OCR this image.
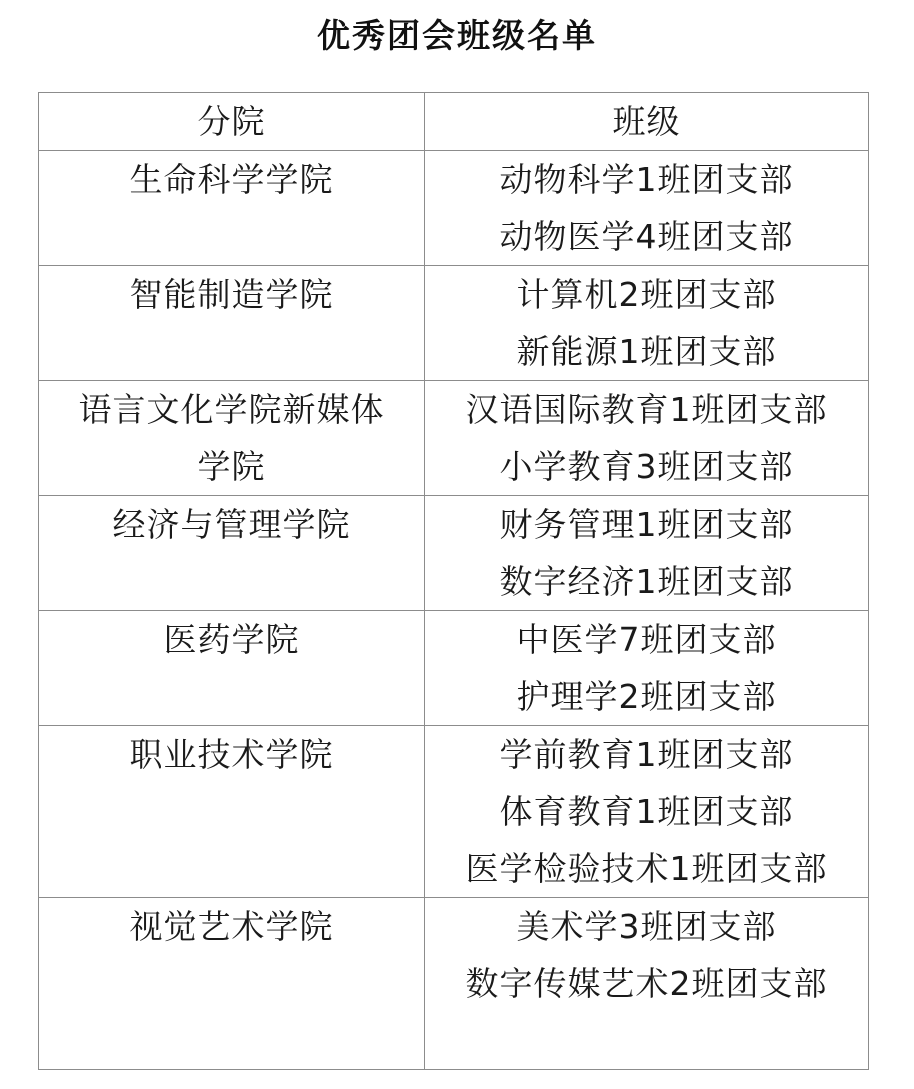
优秀团会班级名单
分院	班级

生命科学学院	动物科学1班团支部
动物医学4班团支部

智能制造学院	计算机2班团支部
新能源1班团支部

语言文化学院新媒体
学院	汉语国际教育1班团支部
小学教育3班团支部

经济与管理学院	财务管理1班团支部
数字经济1班团支部

医药学院	中医学7班团支部
护理学2班团支部

职业技术学院	学前教育1班团支部
体育教育1班团支部
医学检验技术1班团支部

视觉艺术学院	美术学3班团支部
数字传媒艺术2班团支部
